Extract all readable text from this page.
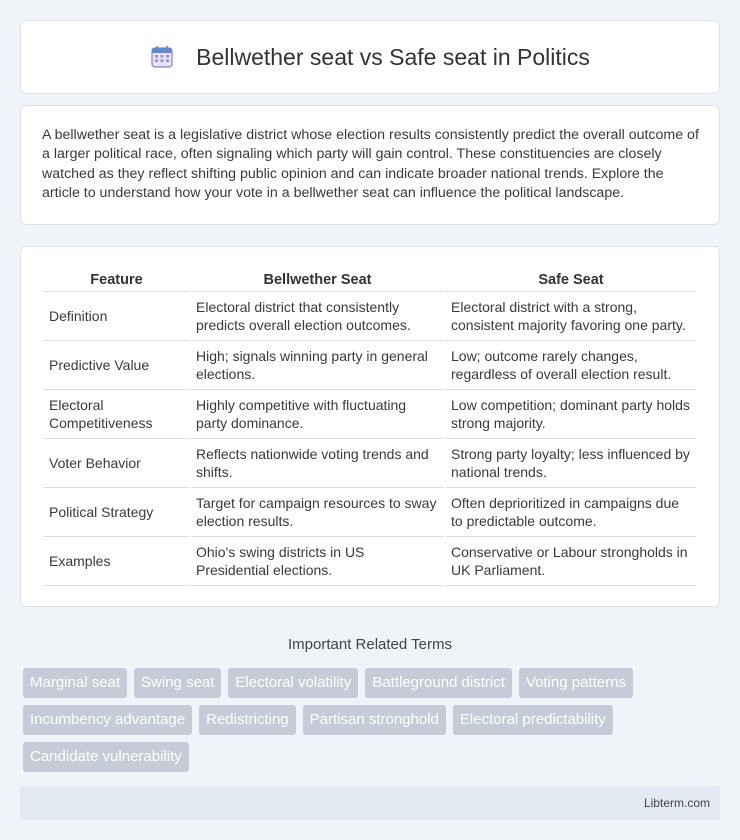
Bellwether seat vs Safe seat in Politics

A bellwether seat is a legislative district whose election results consistently predict the overall outcome of a larger political race, often signaling which party will gain control. These constituencies are closely watched as they reflect shifting public opinion and can indicate broader national trends. Explore the article to understand how your vote in a bellwether seat can influence the political landscape.

Feature	Bellwether Seat	Safe Seat
Definition	Electoral district that consistently predicts overall election outcomes.	Electoral district with a strong, consistent majority favoring one party.
Predictive Value	High; signals winning party in general elections.	Low; outcome rarely changes, regardless of overall election result.
Electoral Competitiveness	Highly competitive with fluctuating party dominance.	Low competition; dominant party holds strong majority.
Voter Behavior	Reflects nationwide voting trends and shifts.	Strong party loyalty; less influenced by national trends.
Political Strategy	Target for campaign resources to sway election results.	Often deprioritized in campaigns due to predictable outcome.
Examples	Ohio's swing districts in US Presidential elections.	Conservative or Labour strongholds in UK Parliament.
Important Related Terms
Marginal seat	Swing seat	Electoral volatility	Battleground district	Voting patterns
Incumbency advantage	Redistricting	Partisan stronghold	Electoral predictability
Candidate vulnerability
Libterm.com
